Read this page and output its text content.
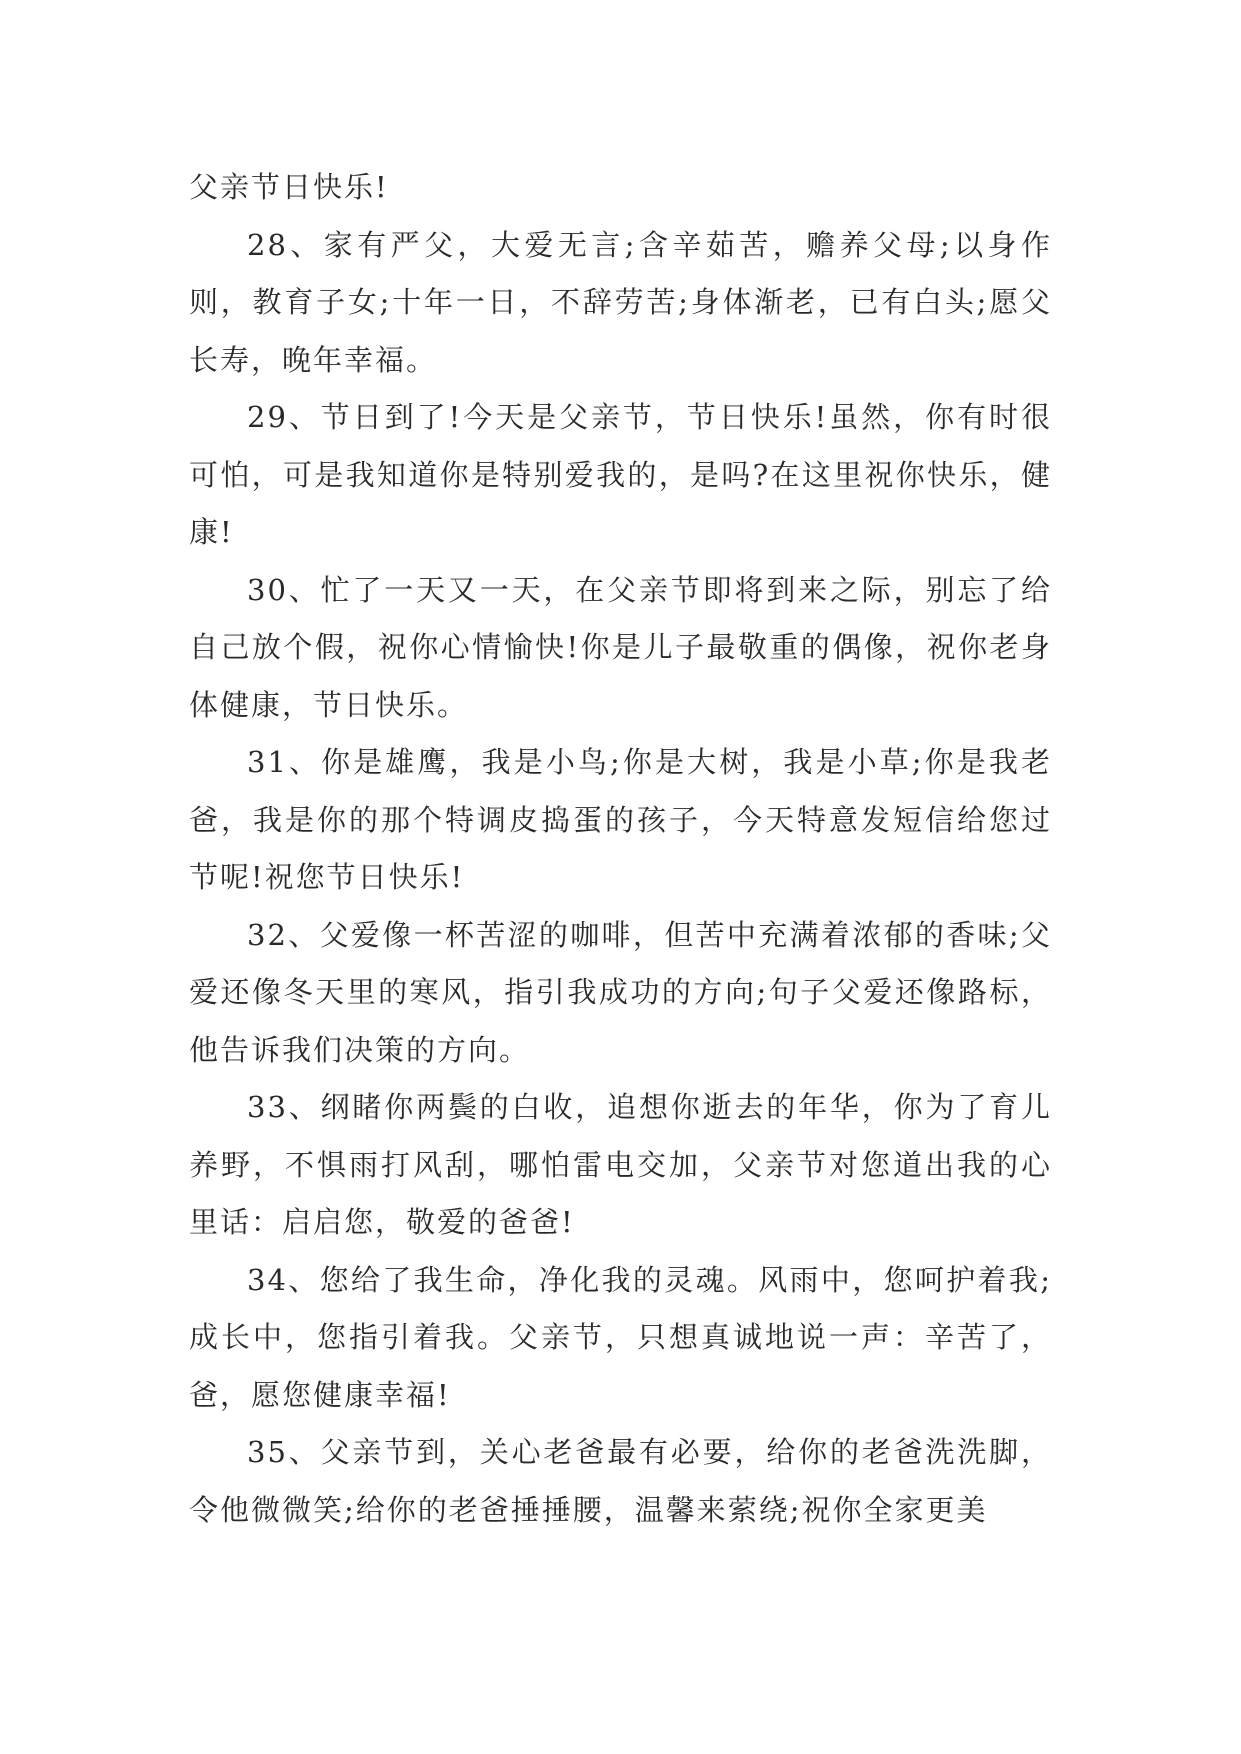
父亲节日快乐!

28、家有严父，大爱无言;含辛茹苦，赡养父母;以身作则，教育子女;十年一日，不辞劳苦;身体渐老，已有白头;愿父长寿，晚年幸福。

29、节日到了!今天是父亲节，节日快乐!虽然，你有时很可怕，可是我知道你是特别爱我的，是吗?在这里祝你快乐，健康!

30、忙了一天又一天，在父亲节即将到来之际，别忘了给自己放个假，祝你心情愉快!你是儿子最敬重的偶像，祝你老身体健康，节日快乐。

31、你是雄鹰，我是小鸟;你是大树，我是小草;你是我老爸，我是你的那个特调皮捣蛋的孩子，今天特意发短信给您过节呢!祝您节日快乐!

32、父爱像一杯苦涩的咖啡，但苦中充满着浓郁的香味;父爱还像冬天里的寒风，指引我成功的方向;句子父爱还像路标，他告诉我们决策的方向。

33、纲睹你两鬓的白收，追想你逝去的年华，你为了育儿养野，不惧雨打风刮，哪怕雷电交加，父亲节对您道出我的心里话：启启您，敬爱的爸爸!

34、您给了我生命，净化我的灵魂。风雨中，您呵护着我;成长中，您指引着我。父亲节，只想真诚地说一声：辛苦了，爸，愿您健康幸福!

35、父亲节到，关心老爸最有必要，给你的老爸洗洗脚，令他微微笑;给你的老爸捶捶腰，温馨来萦绕;祝你全家更美
